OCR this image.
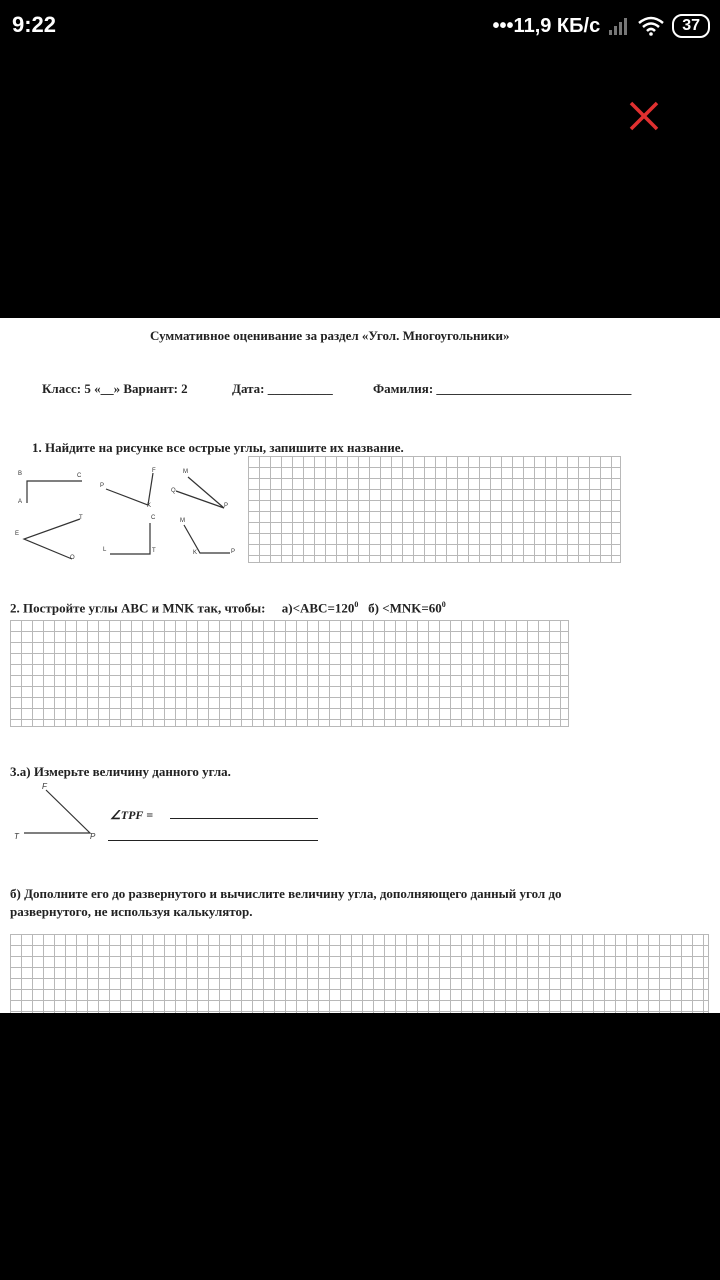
9:22	•••11,9 КБ/с	37
Суммативное оценивание за раздел «Угол. Многоугольники»
Класс: 5 «__» Вариант: 2	Дата: __________	Фамилия: ______________________________
1. Найдите на рисунке все острые углы, запишите их название.
B	C
A
F
P
K
M
Q
P
T
E
O
C
L	T
M
K	P
2. Постройте углы ABC и MNK так, чтобы: $а)<ABC=120^0$ $б) <MNK=60^0$
3.а) Измерьте величину данного угла.
F
T	P
∠TPF =
б) Дополните его до развернутого и вычислите величину угла, дополняющего данный угол до
развернутого, не используя калькулятор.
